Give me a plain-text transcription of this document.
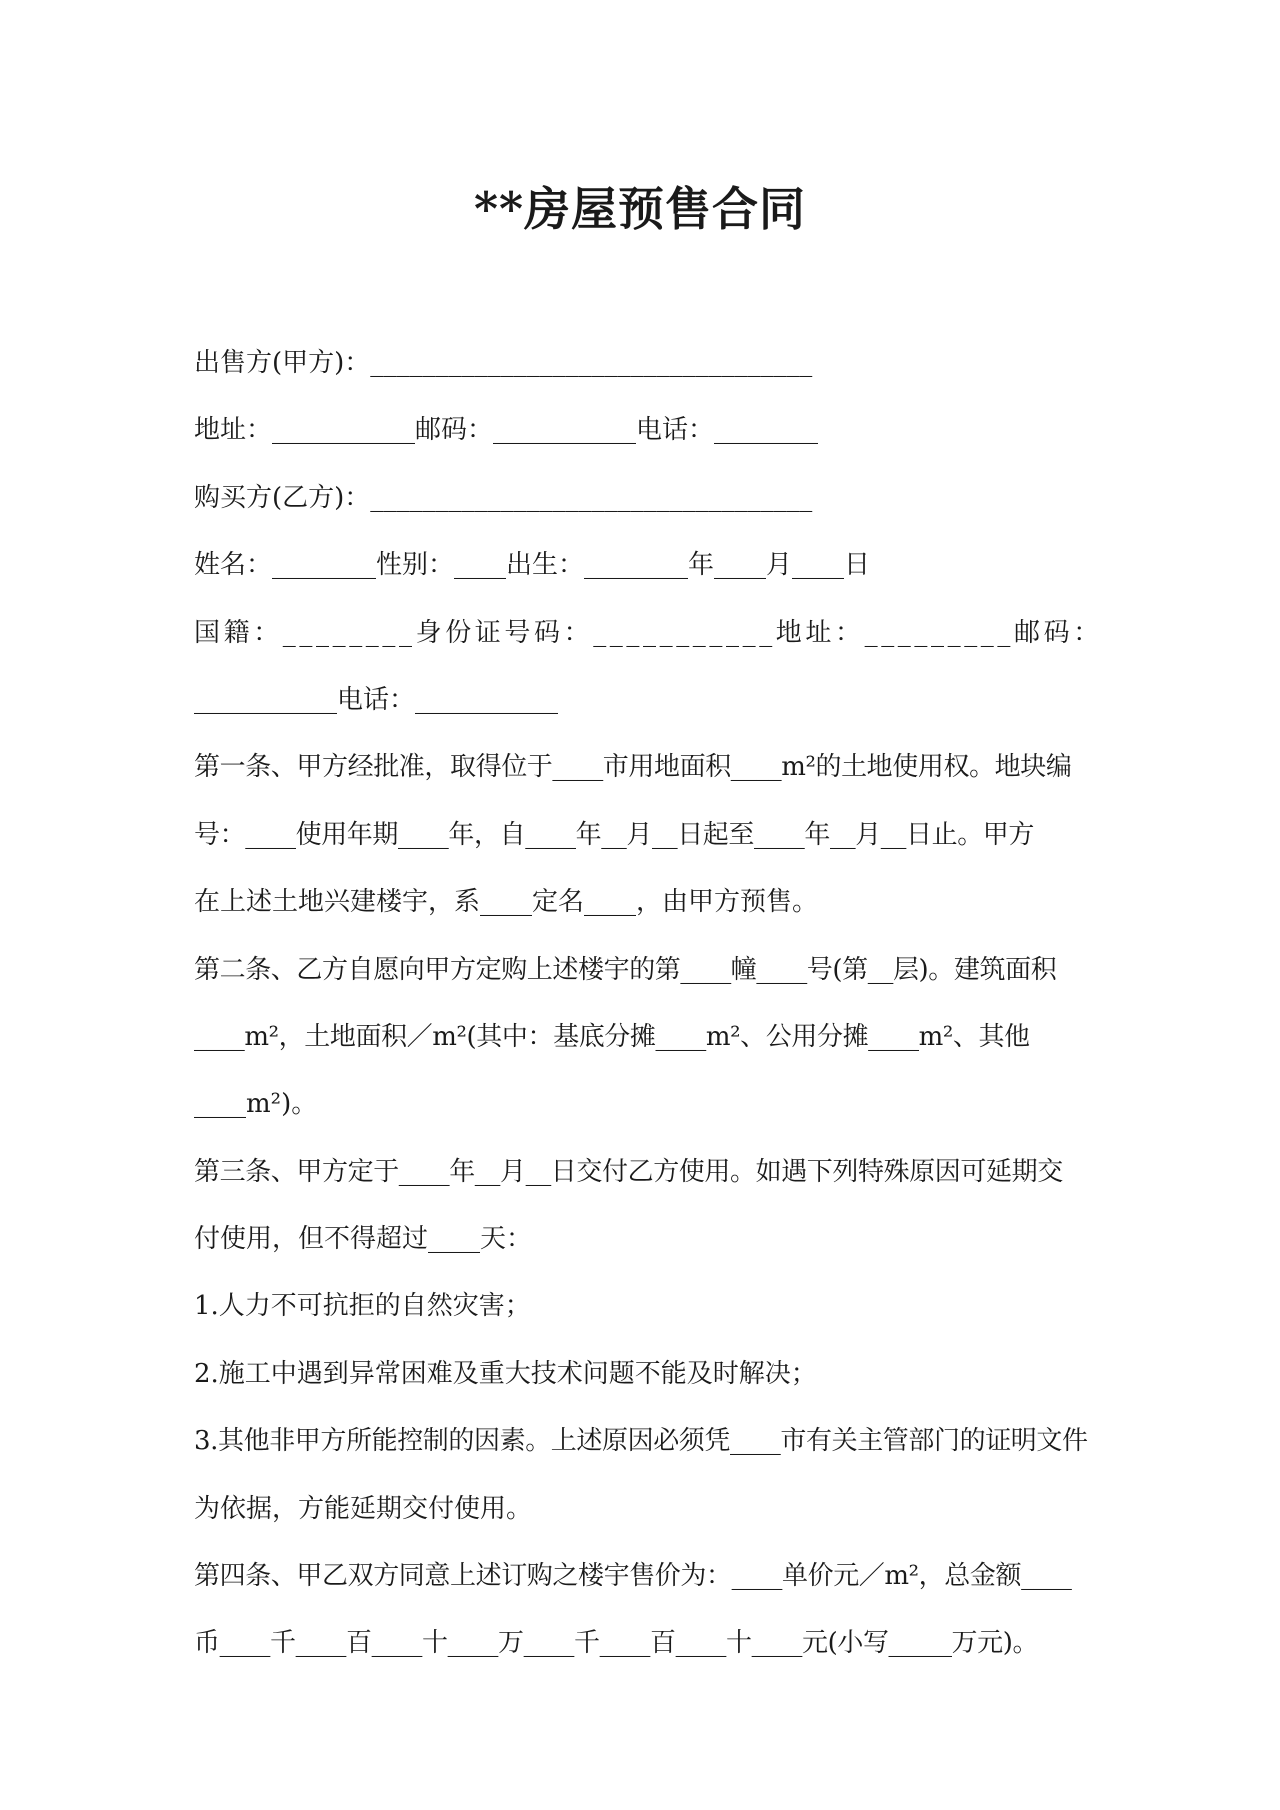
**房屋预售合同
出售方(甲方)：__________________________________
地址：___________邮码：___________电话：________
购买方(乙方)：__________________________________
姓名：________性别：____出生：________年____月____日
国籍：________身份证号码：___________地址：_________邮码：
___________电话：___________
第一条、甲方经批准，取得位于____市用地面积____m²的土地使用权。地块编
号：____使用年期____年，自____年__月__日起至____年__月__日止。甲方
在上述土地兴建楼宇，系____定名____，由甲方预售。
第二条、乙方自愿向甲方定购上述楼宇的第____幢____号(第__层)。建筑面积
____m²，土地面积／m²(其中：基底分摊____m²、公用分摊____m²、其他
____m²)。
第三条、甲方定于____年__月__日交付乙方使用。如遇下列特殊原因可延期交
付使用，但不得超过____天：
1.人力不可抗拒的自然灾害；
2.施工中遇到异常困难及重大技术问题不能及时解决；
3.其他非甲方所能控制的因素。上述原因必须凭____市有关主管部门的证明文件
为依据，方能延期交付使用。
第四条、甲乙双方同意上述订购之楼宇售价为：____单价元／m²，总金额____
币____千____百____十____万____千____百____十____元(小写_____万元)。
